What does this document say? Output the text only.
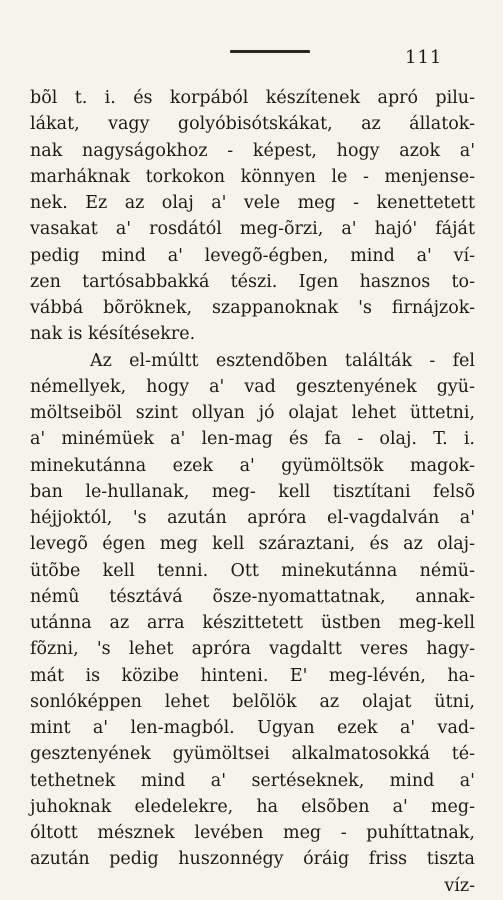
111
bõl t. i. és korpából készítenek apró pilu-
lákat, vagy golyóbisótskákat, az állatok-
nak nagyságokhoz - képest, hogy azok a'
marháknak torkokon könnyen le - menjense-
nek. Ez az olaj a' vele meg - kenettetett
vasakat a' rosdától meg-õrzi, a' hajó' fáját
pedig mind a' levegõ-égben, mind a' ví-
zen tartósabbakká tészi. Igen hasznos to-
vábbá bõröknek, szappanoknak 's firnájzok-
nak is késítésekre.
Az el-múltt esztendõben találták - fel
némellyek, hogy a' vad gesztenyének gyü-
möltseiböl szint ollyan jó olajat lehet üttetni,
a' minémüek a' len-mag és fa - olaj. T. i.
minekutánna ezek a' gyümöltsök magok-
ban le-hullanak, meg- kell tisztítani felsõ
héjjoktól, 's azután apróra el-vagdalván a'
levegõ égen meg kell száraztani, és az olaj-
ütõbe kell tenni. Ott minekutánna némü-
némû tésztává õsze-nyomattatnak, annak-
utánna az arra készittetett üstben meg-kell
fõzni, 's lehet apróra vagdaltt veres hagy-
mát is közibe hinteni. E' meg-lévén, ha-
sonlóképpen lehet belõlök az olajat ütni,
mint a' len-magból. Ugyan ezek a' vad-
gesztenyének gyümöltsei alkalmatosokká té-
tethetnek mind a' sertéseknek, mind a'
juhoknak eledelekre, ha elsõben a' meg-
óltott mésznek levében meg - puhíttatnak,
azután pedig huszonnégy óráig friss tiszta
víz-
